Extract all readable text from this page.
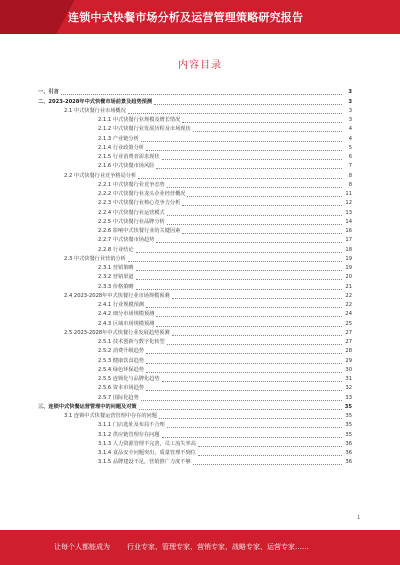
连锁中式快餐市场分析及运营管理策略研究报告
内容目录
一、引言	3
二、2023-2028年中式快餐市场前景及趋势预测	3
2.1 中式快餐行业市场概况	3
2.1.1 中式快餐行业规模及增长情况	3
2.1.2 中式快餐行业发展历程及市场现状	4
2.1.3 产业链分析	4
2.1.4 行业政策分析	5
2.1.5 行业消费者需求现状	6
2.1.6 中式快餐市场风险	7
2.2 中式快餐行业竞争格局分析	8
2.2.1 中式快餐行业竞争态势	8
2.2.2 中式快餐行业龙头企业经营概况	11
2.2.3 中式快餐行业核心竞争力分析	12
2.2.4 中式快餐行业运营模式	13
2.2.5 中式快餐行业品牌分析	14
2.2.6 影响中式快餐行业的关键因素	16
2.2.7 中式快餐市场趋势	17
2.2.8 行业结论	18
2.3 中式快餐行业营销分析	19
2.3.1 营销策略	19
2.3.2 营销渠道	20
2.3.3 价格策略	21
2.4 2023-2028年中式快餐行业市场规模预测	22
2.4.1 行业规模预测	22
2.4.2 细分市场规模预测	24
2.4.3 区域市场规模预测	25
2.5 2023-2028年中式快餐行业发展趋势预测	27
2.5.1 技术创新与数字化转型	27
2.5.2 消费升级趋势	28
2.5.3 健康饮食趋势	29
2.5.4 绿色环保趋势	30
2.5.5 连锁化与品牌化趋势	31
2.5.6 资本市场趋势	32
2.5.7 国际化趋势	33
三、连锁中式快餐运营管理中的问题及对策	35
3.1 连锁中式快餐运营管理中存在的问题	35
3.1.1 门店选址及布局不合理	35
3.1.2 供应链管理存在问题	35
3.1.3 人力资源管理不完善，员工流失率高	36
3.1.4 食品安全问题突出，质量管理不到位	36
3.1.5 品牌建设不足，营销推广力度不够	36
1
让每个人都能成为 行业专家、管理专家、营销专家、战略专家、运营专家……
